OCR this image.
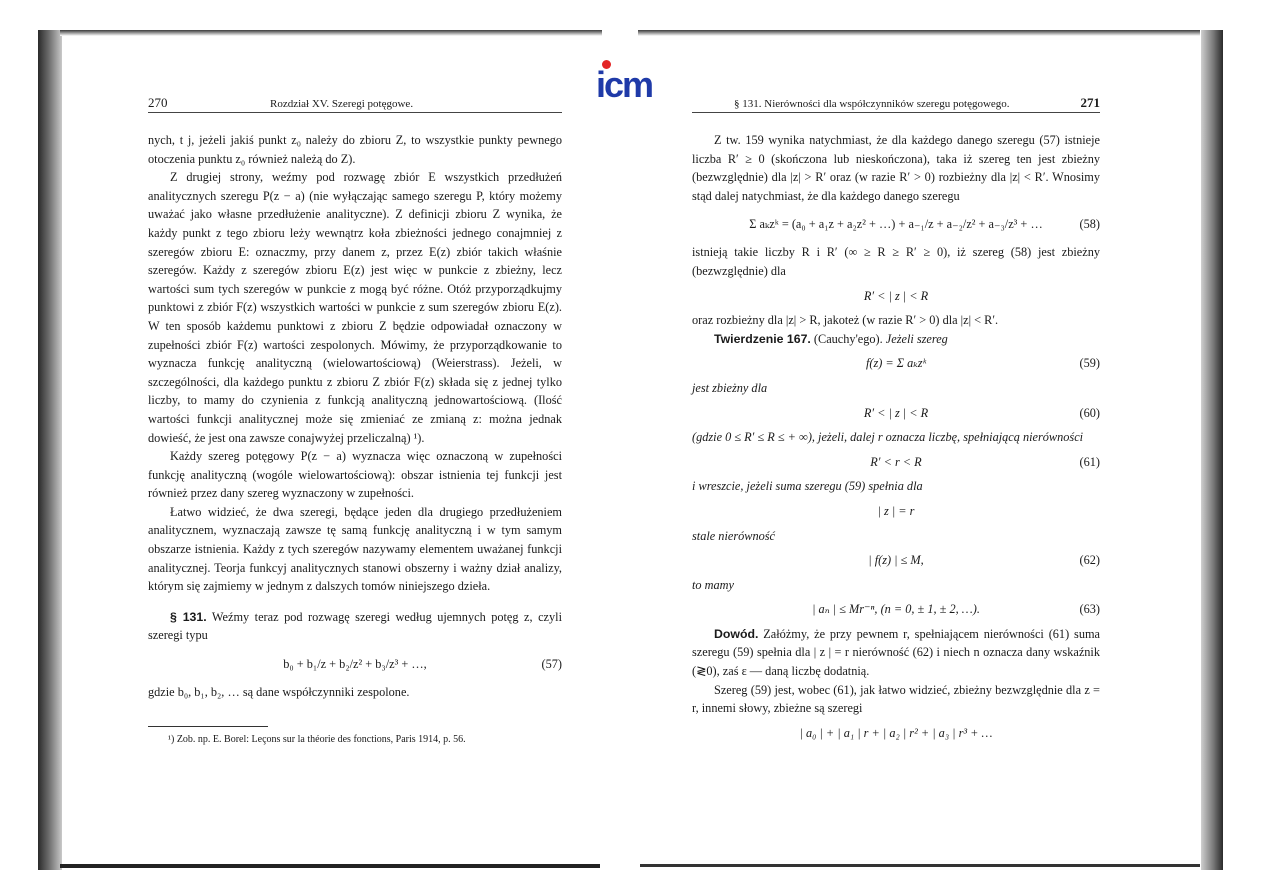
icm
270	Rozdział XV. Szeregi potęgowe.

nych, t j, jeżeli jakiś punkt z₀ należy do zbioru Z, to wszystkie punkty pewnego otoczenia punktu z₀ również należą do Z).

Z drugiej strony, weźmy pod rozwagę zbiór E wszystkich przedłużeń analitycznych szeregu P(z − a) (nie wyłączając samego szeregu P, który możemy uważać jako własne przedłużenie analityczne). Z definicji zbioru Z wynika, że każdy punkt z tego zbioru leży wewnątrz koła zbieżności jednego conajmniej z szeregów zbioru E: oznaczmy, przy danem z, przez E(z) zbiór takich właśnie szeregów. Każdy z szeregów zbioru E(z) jest więc w punkcie z zbieżny, lecz wartości sum tych szeregów w punkcie z mogą być różne. Otóż przyporządkujmy punktowi z zbiór F(z) wszystkich wartości w punkcie z sum szeregów zbioru E(z). W ten sposób każdemu punktowi z zbioru Z będzie odpowiadał oznaczony w zupełności zbiór F(z) wartości zespolonych. Mówimy, że przyporządkowanie to wyznacza funkcję analityczną (wielowartościową) (Weierstrass). Jeżeli, w szczególności, dla każdego punktu z zbioru Z zbiór F(z) składa się z jednej tylko liczby, to mamy do czynienia z funkcją analityczną jednowartościową. (Ilość wartości funkcji analitycznej może się zmieniać ze zmianą z: można jednak dowieść, że jest ona zawsze conajwyżej przeliczalną) ¹).

Każdy szereg potęgowy P(z − a) wyznacza więc oznaczoną w zupełności funkcję analityczną (wogóle wielowartościową): obszar istnienia tej funkcji jest również przez dany szereg wyznaczony w zupełności.

Łatwo widzieć, że dwa szeregi, będące jeden dla drugiego przedłużeniem analitycznem, wyznaczają zawsze tę samą funkcję analityczną i w tym samym obszarze istnienia. Każdy z tych szeregów nazywamy elementem uważanej funkcji analitycznej. Teorja funkcyj analitycznych stanowi obszerny i ważny dział analizy, którym się zajmiemy w jednym z dalszych tomów niniejszego dzieła.

§ 131. Weźmy teraz pod rozwagę szeregi według ujemnych potęg z, czyli szeregi typu

b₀ + b₁/z + b₂/z² + b₃/z³ + …,	(57)

gdzie b₀, b₁, b₂, … są dane współczynniki zespolone.

¹) Zob. np. E. Borel: Leçons sur la théorie des fonctions, Paris 1914, p. 56.

§ 131. Nierówności dla współczynników szeregu potęgowego.	271

Z tw. 159 wynika natychmiast, że dla każdego danego szeregu (57) istnieje liczba R′ ≥ 0 (skończona lub nieskończona), taka iż szereg ten jest zbieżny (bezwzględnie) dla |z| > R′ oraz (w razie R′ > 0) rozbieżny dla |z| < R′. Wnosimy stąd dalej natychmiast, że dla każdego danego szeregu

Σ aₖzᵏ = (a₀ + a₁z + a₂z² + …) + a₋₁/z + a₋₂/z² + a₋₃/z³ + …	(58)

istnieją takie liczby R i R′ (∞ ≥ R ≥ R′ ≥ 0), iż szereg (58) jest zbieżny (bezwzględnie) dla

R′ < | z | < R

oraz rozbieżny dla |z| > R, jakoteż (w razie R′ > 0) dla |z| < R′.

Twierdzenie 167. (Cauchy'ego). Jeżeli szereg

f(z) = Σ aₖzᵏ	(59)

jest zbieżny dla

R′ < | z | < R	(60)

(gdzie 0 ≤ R′ ≤ R ≤ + ∞), jeżeli, dalej r oznacza liczbę, spełniającą nierówności

R′ < r < R	(61)

i wreszcie, jeżeli suma szeregu (59) spełnia dla

| z | = r

stale nierówność

| f(z) | ≤ M,	(62)

to mamy

| aₙ | ≤ Mr⁻ⁿ, (n = 0, ± 1, ± 2, …).	(63)

Dowód. Załóżmy, że przy pewnem r, spełniającem nierówności (61) suma szeregu (59) spełnia dla | z | = r nierówność (62) i niech n oznacza dany wskaźnik (≷0), zaś ε — daną liczbę dodatnią.

Szereg (59) jest, wobec (61), jak łatwo widzieć, zbieżny bezwzględnie dla z = r, innemi słowy, zbieżne są szeregi

| a₀ | + | a₁ | r + | a₂ | r² + | a₃ | r³ + …
